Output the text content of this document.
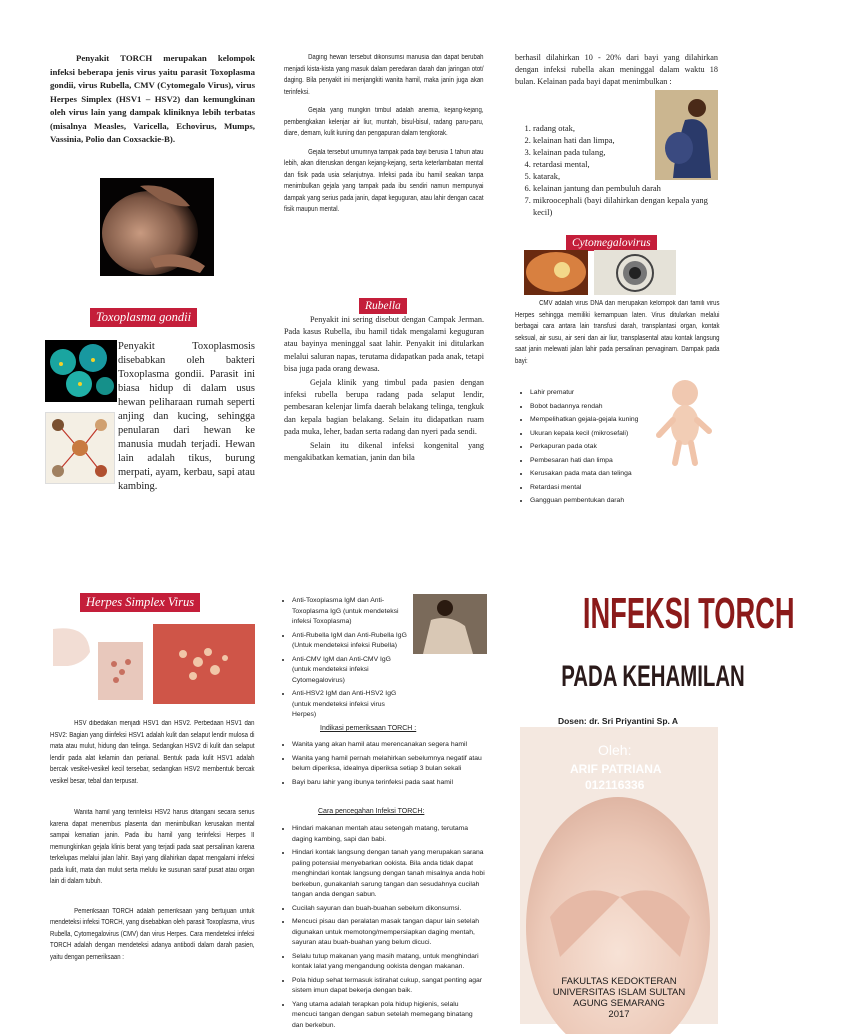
Penyakit TORCH merupakan kelompok infeksi beberapa jenis virus yaitu parasit Toxoplasma gondii, virus Rubella, CMV (Cytomegalo Virus), virus Herpes Simplex (HSV1 – HSV2) dan kemungkinan oleh virus lain yang dampak kliniknya lebih terbatas (misalnya Measles, Varicella, Echovirus, Mumps, Vassinia, Polio dan Coxsackie-B).

Toxoplasma gondii

Penyakit Toxoplasmosis disebabkan oleh bakteri Toxoplasma gondii. Parasit ini biasa hidup di dalam usus hewan peliharaan rumah seperti anjing dan kucing, sehingga penularan dari hewan ke manusia mudah terjadi. Hewan lain adalah tikus, burung merpati, ayam, kerbau, sapi atau kambing.

Daging hewan tersebut dikonsumsi manusia dan dapat berubah menjadi kista-kista yang masuk dalam peredaran darah dan jaringan otot/ daging. Bila penyakit ini menjangkiti wanita hamil, maka janin juga akan terinfeksi.

Gejala yang mungkin timbul adalah anemia, kejang-kejang, pembengkakan kelenjar air liur, muntah, bisul-bisul, radang paru-paru, diare, demam, kulit kuning dan pengapuran dalam tengkorak.

Gejala tersebut umumnya tampak pada bayi berusia 1 tahun atau lebih, akan diteruskan dengan kejang-kejang, serta keterlambatan mental dan fisik pada usia selanjutnya. Infeksi pada ibu hamil seakan tanpa menimbulkan gejala yang tampak pada ibu sendiri namun mempunyai dampak yang serius pada janin, dapat keguguran, atau lahir dengan cacat fisik maupun mental.

Rubella

Penyakit ini sering disebut dengan Campak Jerman. Pada kasus Rubella, ibu hamil tidak mengalami keguguran atau bayinya meninggal saat lahir. Penyakit ini ditularkan melalui saluran napas, terutama didapatkan pada anak, tetapi bisa juga pada orang dewasa.

Gejala klinik yang timbul pada pasien dengan infeksi rubella berupa radang pada selaput lendir, pembesaran kelenjar limfa daerah belakang telinga, tengkuk dan kepala bagian belakang. Selain itu didapatkan ruam pada muka, leher, badan serta radang dan nyeri pada sendi.

Selain itu dikenal infeksi kongenital yang mengakibatkan kematian, janin dan bila

berhasil dilahirkan 10 - 20% dari bayi yang dilahirkan dengan infeksi rubella akan meninggal dalam waktu 18 bulan. Kelainan pada bayi dapat menimbulkan :

1. radang otak,
2. kelainan hati dan limpa,
3. kelainan pada tulang,
4. retardasi mental,
5. katarak,
6. kelainan jantung dan pembuluh darah
7. mikroocephali (bayi dilahirkan dengan kepala yang kecil)
Cytomegalovirus

CMV adalah virus DNA dan merupakan kelompok dari famili virus Herpes sehingga memiliki kemampuan laten. Virus ditularkan melalui berbagai cara antara lain transfusi darah, transplantasi organ, kontak seksual, air susu, air seni dan air liur, transplasental atau kontak langsung saat janin melewati jalan lahir pada persalinan pervaginam. Dampak pada bayi:

• Lahir prematur
• Bobot badannya rendah
• Mempelihatkan gejala-gejala kuning
• Ukuran kepala kecil (mikrosefali)
• Perkapuran pada otak
• Pembesaran hati dan limpa
• Kerusakan pada mata dan telinga
• Retardasi mental
• Gangguan pembentukan darah
Herpes Simplex Virus

HSV dibedakan menjadi HSV1 dan HSV2. Perbedaan HSV1 dan HSV2: Bagian yang diinfeksi HSV1 adalah kulit dan selaput lendir mulosa di mata atau mulut, hidung dan telinga. Sedangkan HSV2 di kulit dan selaput lendir pada alat kelamin dan perianal. Bentuk pada kulit HSV1 adalah bercak vesikel-vesikel kecil tersebar, sedangkan HSV2 membentuk bercak vesikel besar, tebal dan terpusat.

Wanita hamil yang terinfeksi HSV2 harus ditangani secara serius karena dapat menembus plasenta dan menimbulkan kerusakan mental sampai kematian janin. Pada ibu hamil yang terinfeksi Herpes II memungkinkan gejala klinis berat yang terjadi pada saat persalinan karena terkelupas melalui jalan lahir. Bayi yang dilahirkan dapat mengalami infeksi pada kulit, mata dan mulut serta melulu ke susunan saraf pusat atau organ lain di dalam tubuh.

Pemeriksaan TORCH adalah pemeriksaan yang bertujuan untuk mendeteksi infeksi TORCH, yang disebabkan oleh parasit Toxoplasma, virus Rubella, Cytomegalovirus (CMV) dan virus Herpes. Cara mendeteksi infeksi TORCH adalah dengan mendeteksi adanya antibodi dalam darah pasien, yaitu dengan pemeriksaan :

• Anti-Toxoplasma IgM dan Anti-Toxoplasma IgG (untuk mendeteksi infeksi Toxoplasma)
• Anti-Rubella IgM dan Anti-Rubella IgG (Untuk mendeteksi infeksi Rubella)
• Anti-CMV IgM dan Anti-CMV IgG (untuk mendeteksi infeksi Cytomegalovirus)
• Anti-HSV2 IgM dan Anti-HSV2 IgG (untuk mendeteksi infeksi virus Herpes)
Indikasi pemeriksaan TORCH :
• Wanita yang akan hamil atau merencanakan segera hamil
• Wanita yang hamil pernah melahirkan sebelumnya negatif atau belum diperiksa, idealnya diperiksa setiap 3 bulan sekali
• Bayi baru lahir yang ibunya terinfeksi pada saat hamil
Cara pencegahan Infeksi TORCH:
• Hindari makanan mentah atau setengah matang, terutama daging kambing, sapi dan babi.
• Hindari kontak langsung dengan tanah yang merupakan sarana paling potensial menyebarkan ookista. Bila anda tidak dapat menghindari kontak langsung dengan tanah misalnya anda hobi berkebun, gunakanlah sarung tangan dan sesudahnya cucilah tangan anda dengan sabun.
• Cucilah sayuran dan buah-buahan sebelum dikonsumsi.
• Mencuci pisau dan peralatan masak tangan dapur lain setelah digunakan untuk memotong/mempersiapkan daging mentah, sayuran atau buah-buahan yang belum dicuci.
• Selalu tutup makanan yang masih matang, untuk menghindari kontak lalat yang mengandung ookista dengan makanan.
• Pola hidup sehat termasuk istirahat cukup, sangat penting agar sistem imun dapat bekerja dengan baik.
• Yang utama adalah terapkan pola hidup higienis, selalu mencuci tangan dengan sabun setelah memegang binatang dan berkebun.
INFEKSI TORCH
PADA KEHAMILAN
Dosen: dr. Sri Priyantini Sp. A
Oleh:
ARIF PATRIANA
012116336
FAKULTAS KEDOKTERAN
UNIVERSITAS ISLAM SULTAN
AGUNG SEMARANG
2017
